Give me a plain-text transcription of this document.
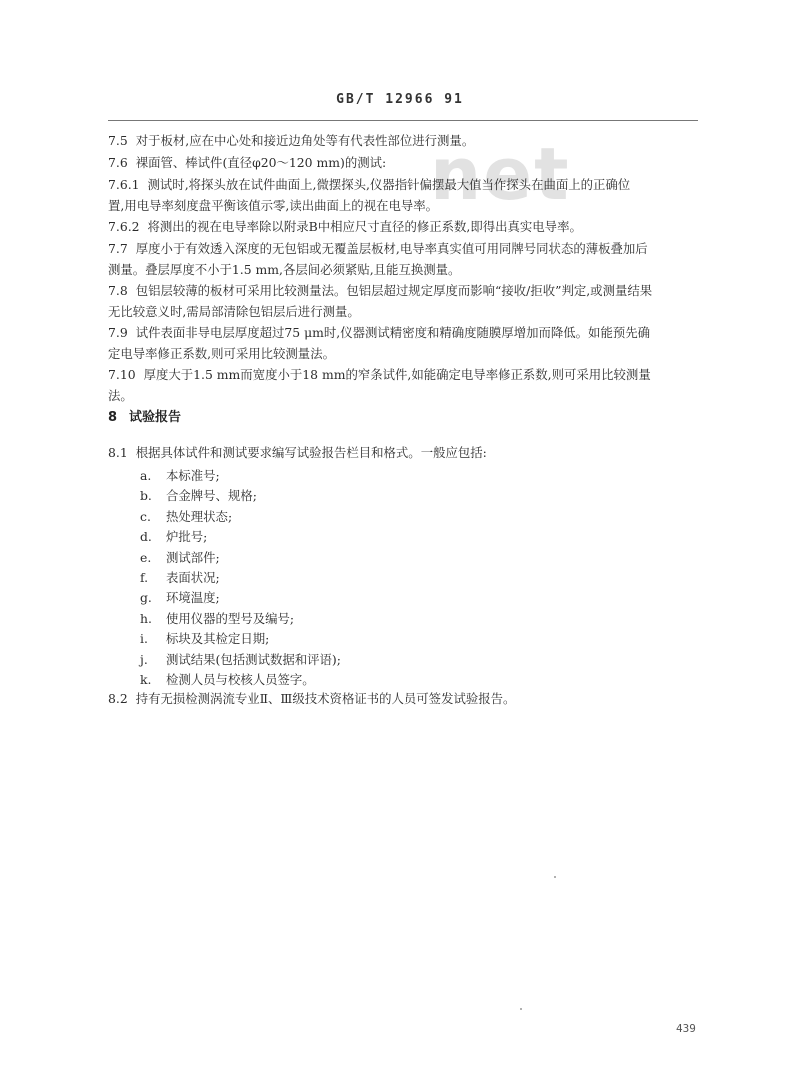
net
GB/T 12966 91
7.5 对于板材,应在中心处和接近边角处等有代表性部位进行测量。
7.6 裸面管、棒试件(直径φ20～120 mm)的测试:
7.6.1 测试时,将探头放在试件曲面上,微摆探头,仪器指针偏摆最大值当作探头在曲面上的正确位
置,用电导率刻度盘平衡该值示零,读出曲面上的视在电导率。
7.6.2 将测出的视在电导率除以附录B中相应尺寸直径的修正系数,即得出真实电导率。
7.7 厚度小于有效透入深度的无包铝或无覆盖层板材,电导率真实值可用同牌号同状态的薄板叠加后
测量。叠层厚度不小于1.5 mm,各层间必须紧贴,且能互换测量。
7.8 包铝层较薄的板材可采用比较测量法。包铝层超过规定厚度而影响“接收/拒收”判定,或测量结果
无比较意义时,需局部清除包铝层后进行测量。
7.9 试件表面非导电层厚度超过75 μm时,仪器测试精密度和精确度随膜厚增加而降低。如能预先确
定电导率修正系数,则可采用比较测量法。
7.10 厚度大于1.5 mm而宽度小于18 mm的窄条试件,如能确定电导率修正系数,则可采用比较测量
法。
8 试验报告
8.1 根据具体试件和测试要求编写试验报告栏目和格式。一般应包括:
a. 本标准号;
b. 合金牌号、规格;
c. 热处理状态;
d. 炉批号;
e. 测试部件;
f. 表面状况;
g. 环境温度;
h. 使用仪器的型号及编号;
i. 标块及其检定日期;
j. 测试结果(包括测试数据和评语);
k. 检测人员与校核人员签字。
8.2 持有无损检测涡流专业Ⅱ、Ⅲ级技术资格证书的人员可签发试验报告。
439
